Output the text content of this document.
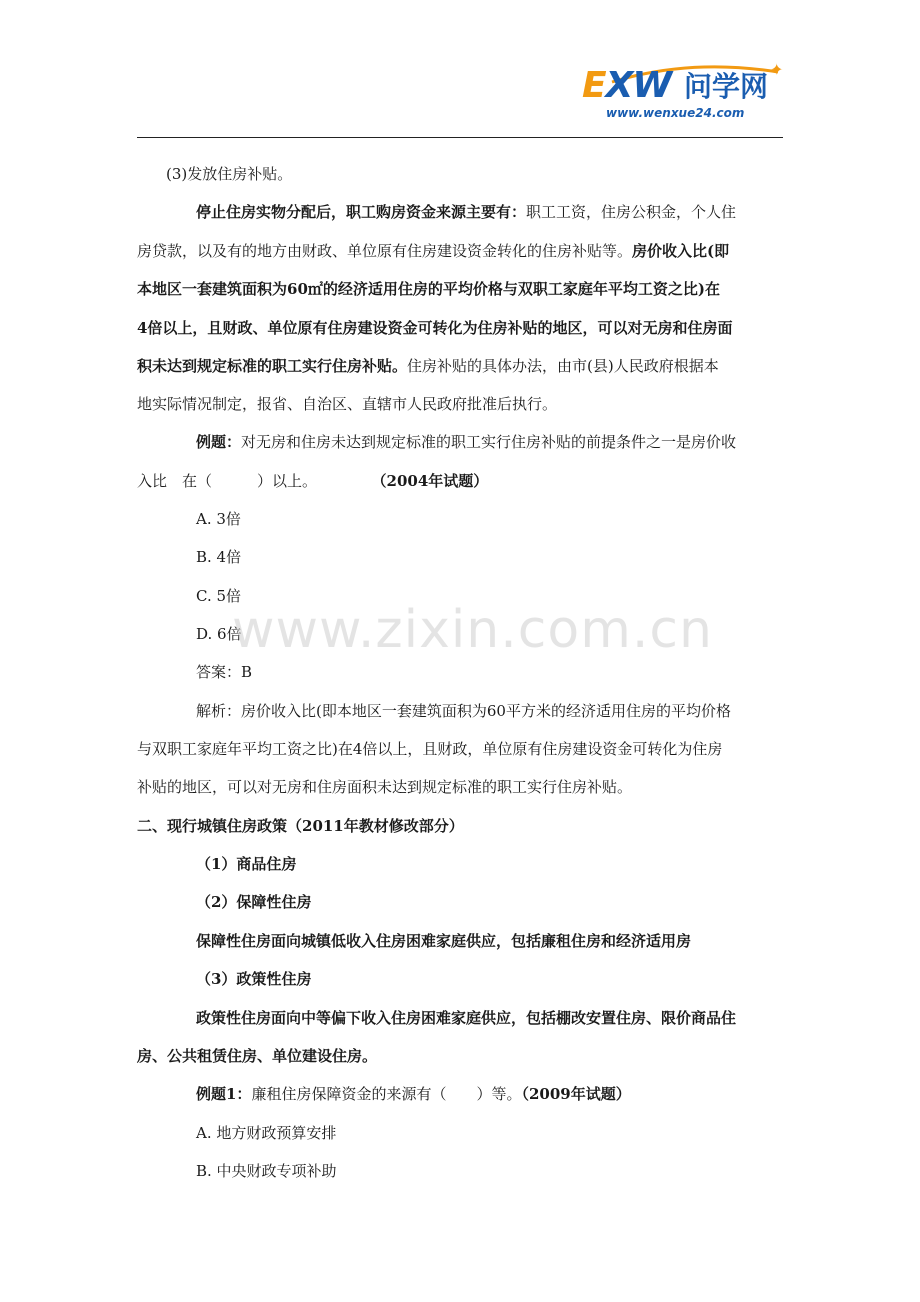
✦
EXW 问学网
www.wenxue24.com
(3)发放住房补贴。
停止住房实物分配后，职工购房资金来源主要有：职工工资，住房公积金，个人住
房贷款，以及有的地方由财政、单位原有住房建设资金转化的住房补贴等。房价收入比(即
本地区一套建筑面积为60㎡的经济适用住房的平均价格与双职工家庭年平均工资之比)在
4倍以上，且财政、单位原有住房建设资金可转化为住房补贴的地区，可以对无房和住房面
积未达到规定标准的职工实行住房补贴。住房补贴的具体办法，由市(县)人民政府根据本
地实际情况制定，报省、自治区、直辖市人民政府批准后执行。
例题：对无房和住房未达到规定标准的职工实行住房补贴的前提条件之一是房价收
入比　在（　　　）以上。	（2004年试题）
A. 3倍
B. 4倍
C. 5倍
D. 6倍
答案：B
解析：房价收入比(即本地区一套建筑面积为60平方米的经济适用住房的平均价格
与双职工家庭年平均工资之比)在4倍以上，且财政，单位原有住房建设资金可转化为住房
补贴的地区，可以对无房和住房面积未达到规定标准的职工实行住房补贴。
二、现行城镇住房政策（2011年教材修改部分）
（1）商品住房
（2）保障性住房
保障性住房面向城镇低收入住房困难家庭供应，包括廉租住房和经济适用房
（3）政策性住房
政策性住房面向中等偏下收入住房困难家庭供应，包括棚改安置住房、限价商品住
房、公共租赁住房、单位建设住房。
例题1：廉租住房保障资金的来源有（　　）等。（2009年试题）
A. 地方财政预算安排
B. 中央财政专项补助
www.zixin.com.cn
